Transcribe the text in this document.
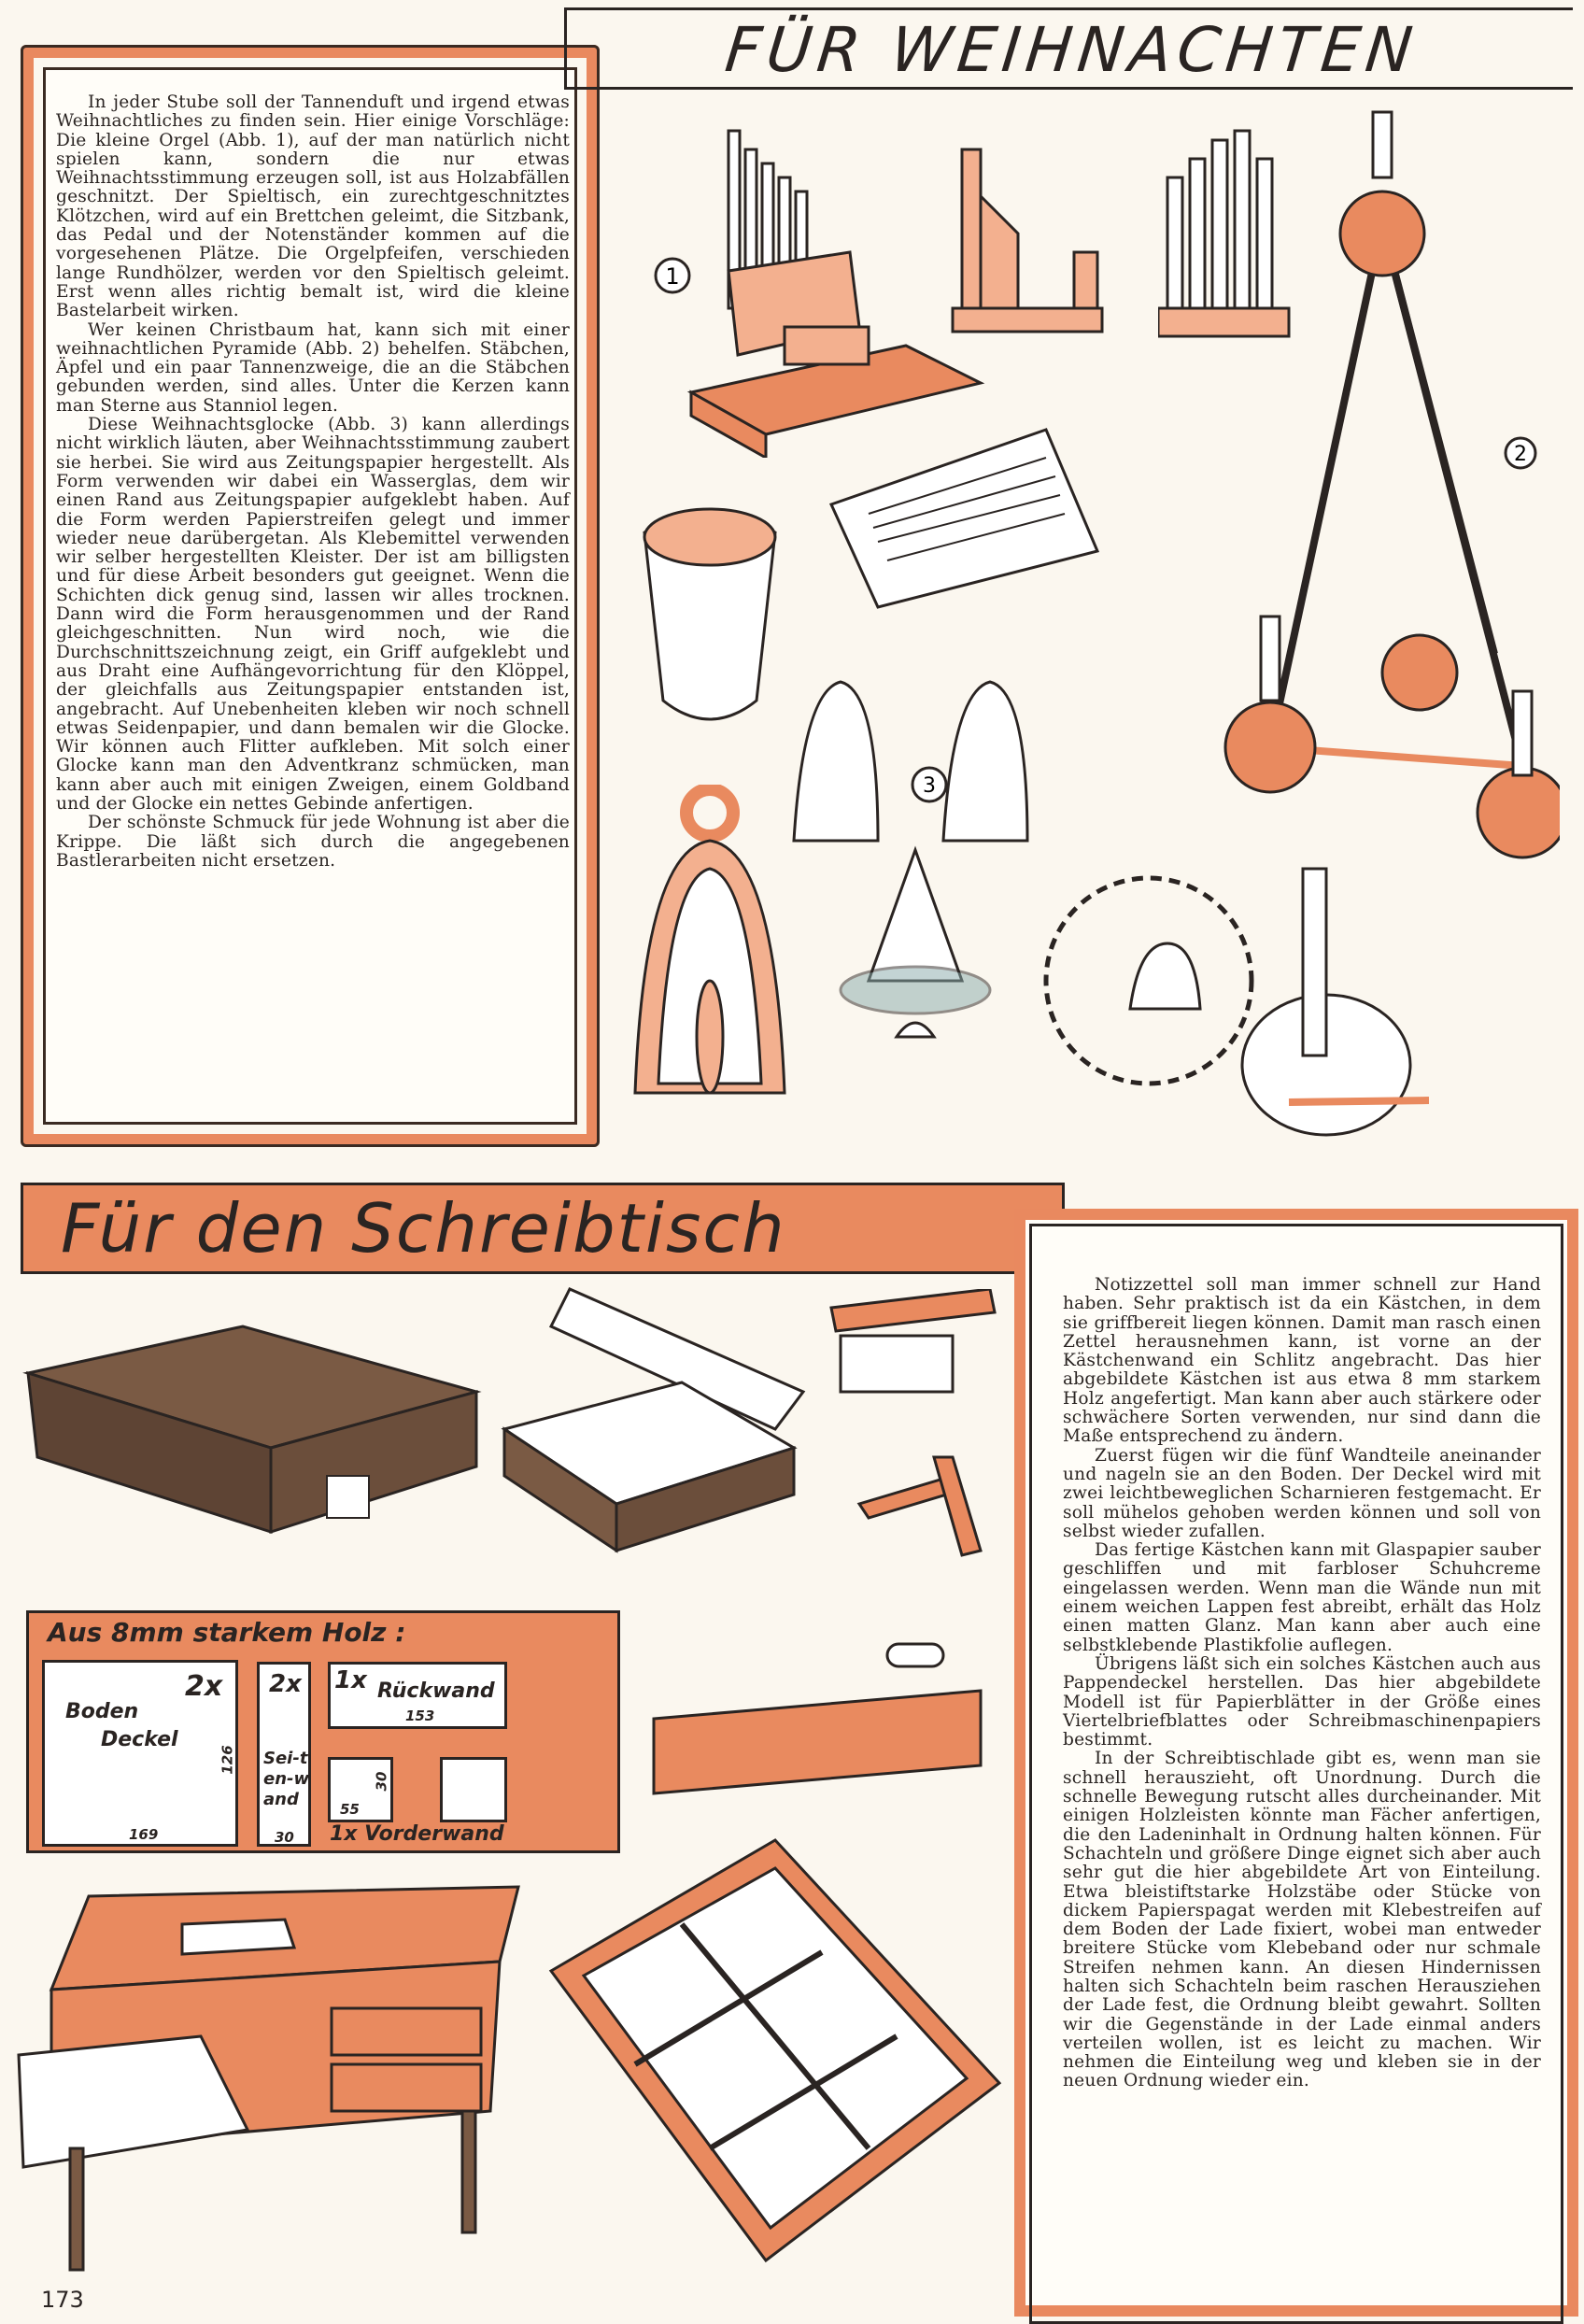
In jeder Stube soll der Tannenduft und irgend etwas Weihnachtliches zu finden sein. Hier einige Vorschläge: Die kleine Orgel (Abb. 1), auf der man natürlich nicht spielen kann, sondern die nur etwas Weihnachtsstimmung erzeugen soll, ist aus Holzabfällen geschnitzt. Der Spieltisch, ein zurechtgeschnitztes Klötzchen, wird auf ein Brettchen geleimt, die Sitzbank, das Pedal und der Notenständer kommen auf die vorgesehenen Plätze. Die Orgelpfeifen, verschieden lange Rundhölzer, werden vor den Spieltisch geleimt. Erst wenn alles richtig bemalt ist, wird die kleine Bastelarbeit wirken.

Wer keinen Christbaum hat, kann sich mit einer weihnachtlichen Pyramide (Abb. 2) behelfen. Stäbchen, Äpfel und ein paar Tannenzweige, die an die Stäbchen gebunden werden, sind alles. Unter die Kerzen kann man Sterne aus Stanniol legen.

Diese Weihnachtsglocke (Abb. 3) kann allerdings nicht wirklich läuten, aber Weihnachtsstimmung zaubert sie herbei. Sie wird aus Zeitungspapier hergestellt. Als Form verwenden wir dabei ein Wasserglas, dem wir einen Rand aus Zeitungspapier aufgeklebt haben. Auf die Form werden Papierstreifen gelegt und immer wieder neue darübergetan. Als Klebemittel verwenden wir selber hergestellten Kleister. Der ist am billigsten und für diese Arbeit besonders gut geeignet. Wenn die Schichten dick genug sind, lassen wir alles trocknen. Dann wird die Form herausgenommen und der Rand gleichgeschnitten. Nun wird noch, wie die Durchschnittszeichnung zeigt, ein Griff aufgeklebt und aus Draht eine Aufhängevorrichtung für den Klöppel, der gleichfalls aus Zeitungspapier entstanden ist, angebracht. Auf Unebenheiten kleben wir noch schnell etwas Seidenpapier, und dann bemalen wir die Glocke. Wir können auch Flitter aufkleben. Mit solch einer Glocke kann man den Adventkranz schmücken, man kann aber auch mit einigen Zweigen, einem Goldband und der Glocke ein nettes Gebinde anfertigen.

Der schönste Schmuck für jede Wohnung ist aber die Krippe. Die läßt sich durch die angegebenen Bastlerarbeiten nicht ersetzen.

FÜR WEIHNACHTEN
1
2
3
Für den Schreibtisch

Notizzettel soll man immer schnell zur Hand haben. Sehr praktisch ist da ein Kästchen, in dem sie griffbereit liegen können. Damit man rasch einen Zettel herausnehmen kann, ist vorne an der Kästchenwand ein Schlitz angebracht. Das hier abgebildete Kästchen ist aus etwa 8 mm starkem Holz angefertigt. Man kann aber auch stärkere oder schwächere Sorten verwenden, nur sind dann die Maße entsprechend zu ändern.

Zuerst fügen wir die fünf Wandteile aneinander und nageln sie an den Boden. Der Deckel wird mit zwei leichtbeweglichen Scharnieren festgemacht. Er soll mühelos gehoben werden können und soll von selbst wieder zufallen.

Das fertige Kästchen kann mit Glaspapier sauber geschliffen und mit farbloser Schuhcreme eingelassen werden. Wenn man die Wände nun mit einem weichen Lappen fest abreibt, erhält das Holz einen matten Glanz. Man kann aber auch eine selbstklebende Plastikfolie auflegen.

Übrigens läßt sich ein solches Kästchen auch aus Pappendeckel herstellen. Das hier abgebildete Modell ist für Papierblätter in der Größe eines Viertelbriefblattes oder Schreibmaschinenpapiers bestimmt.

In der Schreibtischlade gibt es, wenn man sie schnell herauszieht, oft Unordnung. Durch die schnelle Bewegung rutscht alles durcheinander. Mit einigen Holzleisten könnte man Fächer anfertigen, die den Ladeninhalt in Ordnung halten können. Für Schachteln und größere Dinge eignet sich aber auch sehr gut die hier abgebildete Art von Einteilung. Etwa bleistiftstarke Holzstäbe oder Stücke von dickem Papierspagat werden mit Klebestreifen auf dem Boden der Lade fixiert, wobei man entweder breitere Stücke vom Klebeband oder nur schmale Streifen nehmen kann. An diesen Hindernissen halten sich Schachteln beim raschen Herausziehen der Lade fest, die Ordnung bleibt gewahrt. Sollten wir die Gegenstände in der Lade einmal anders verteilen wollen, ist es leicht zu machen. Wir nehmen die Einteilung weg und kleben sie in der neuen Ordnung wieder ein.

Aus 8mm starkem Holz :
2x
Boden
Deckel
126
169
2x
Sei-ten-wand
30
1x Rückwand
153
55
30
1x Vorderwand
173
